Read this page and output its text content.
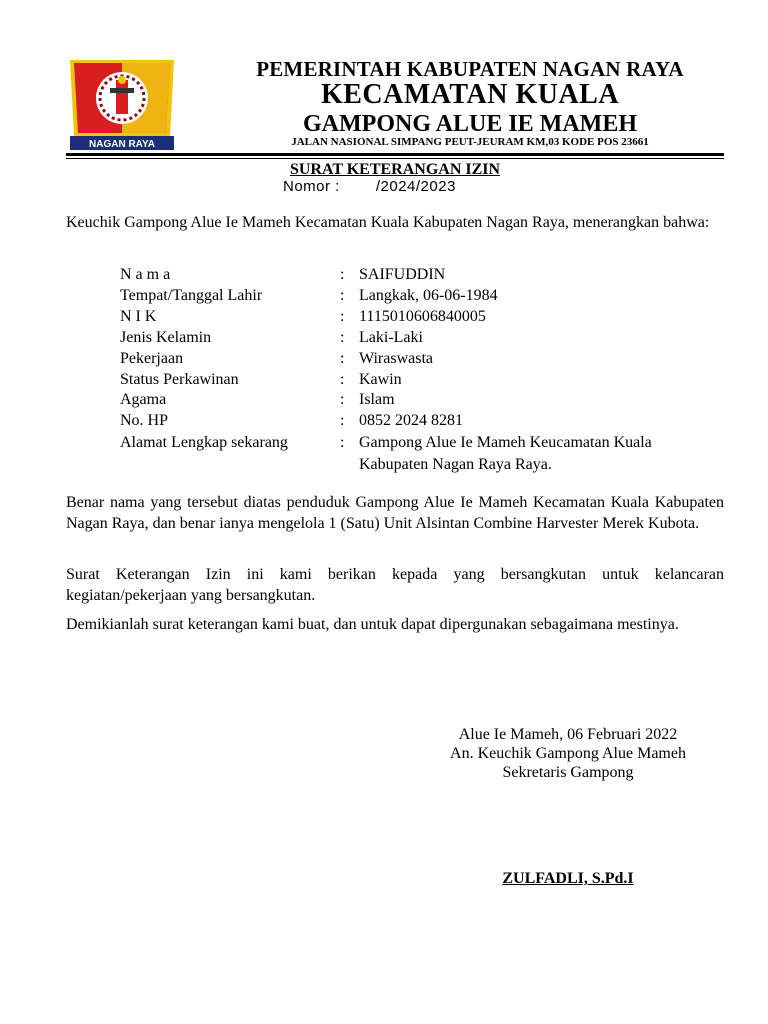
NAGAN RAYA
PEMERINTAH KABUPATEN NAGAN RAYA
KECAMATAN KUALA
GAMPONG ALUE IE MAMEH
JALAN NASIONAL SIMPANG PEUT-JEURAM KM,03 KODE POS 23661
SURAT KETERANGAN IZIN
Nomor : /2024/2023
Keuchik Gampong Alue Ie Mameh Kecamatan Kuala Kabupaten Nagan Raya, menerangkan bahwa:
N a m a	: SAIFUDDIN
Tempat/Tanggal Lahir	: Langkak, 06-06-1984
N I K	: 1115010606840005
Jenis Kelamin	: Laki-Laki
Pekerjaan	: Wiraswasta
Status Perkawinan	: Kawin
Agama	: Islam
No. HP	: 0852 2024 8281
Alamat Lengkap sekarang	: Gampong Alue Ie Mameh Keucamatan Kuala
Kabupaten Nagan Raya Raya.
Benar nama yang tersebut diatas penduduk Gampong Alue Ie Mameh Kecamatan Kuala Kabupaten Nagan Raya, dan benar ianya mengelola 1 (Satu) Unit Alsintan Combine Harvester Merek Kubota.
Surat Keterangan Izin ini kami berikan kepada yang bersangkutan untuk kelancaran kegiatan/pekerjaan yang bersangkutan.
Demikianlah surat keterangan kami buat, dan untuk dapat dipergunakan sebagaimana mestinya.
Alue Ie Mameh, 06 Februari 2022
An. Keuchik Gampong Alue Mameh
Sekretaris Gampong
ZULFADLI, S.Pd.I
